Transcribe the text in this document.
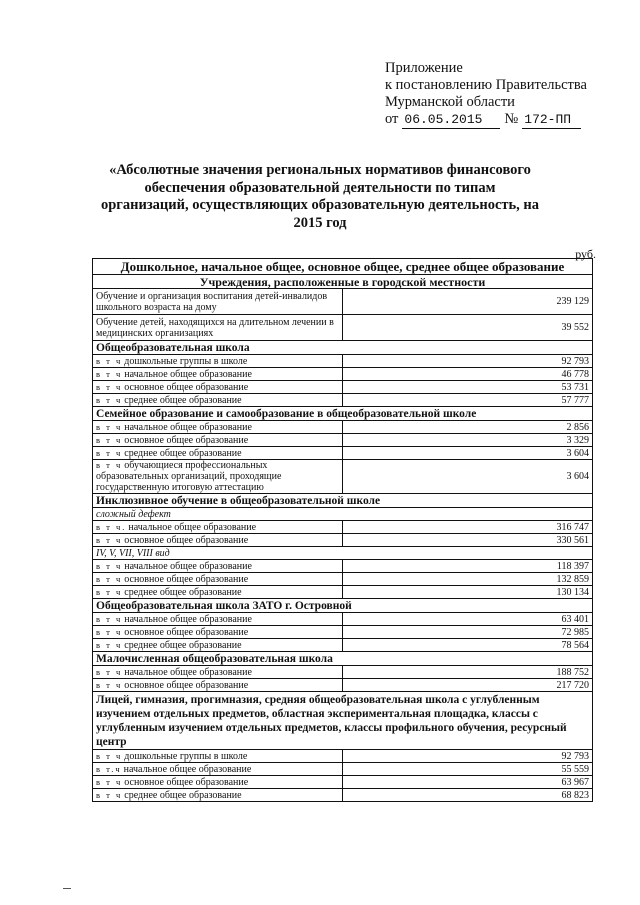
Приложение
к постановлению Правительства
Мурманской области
от 06.05.2015	№ 172-ПП
«Абсолютные значения региональных нормативов финансового обеспечения образовательной деятельности по типам организаций, осуществляющих образовательную деятельность, на 2015 год
руб.
Дошкольное, начальное общее, основное общее, среднее общее образование	
Учреждения, расположенные в городской местности	
Обучение и организация воспитания детей-инвалидов школьного возраста на дому	239 129
Обучение детей, находящихся на длительном лечении в медицинских организациях	39 552
Общеобразовательная школа	
в т ч дошкольные группы в школе	92 793
в т ч начальное общее образование	46 778
в т ч основное общее образование	53 731
в т ч среднее общее образование	57 777
Семейное образование и самообразование в общеобразовательной школе	
в т ч начальное общее образование	2 856
в т ч основное общее образование	3 329
в т ч среднее общее образование	3 604
в т ч обучающиеся профессиональных образовательных организаций, проходящие государственную итоговую аттестацию	3 604
Инклюзивное обучение в общеобразовательной школе	
сложный дефект	
в т ч. начальное общее образование	316 747
в т ч основное общее образование	330 561
IV, V, VII, VIII вид	
в т ч начальное общее образование	118 397
в т ч основное общее образование	132 859
в т ч среднее общее образование	130 134
Общеобразовательная школа ЗАТО г. Островной	
в т ч начальное общее образование	63 401
в т ч основное общее образование	72 985
в т ч среднее общее образование	78 564
Малочисленная общеобразовательная школа	
в т ч начальное общее образование	188 752
в т ч основное общее образование	217 720
Лицей, гимназия, прогимназия, средняя общеобразовательная школа с углубленным изучением отдельных предметов, областная экспериментальная площадка, классы с углубленным изучением отдельных предметов, классы профильного обучения, ресурсный центр	
в т ч дошкольные группы в школе	92 793
в т.ч начальное общее образование	55 559
в т ч основное общее образование	63 967
в т ч среднее общее образование	68 823
